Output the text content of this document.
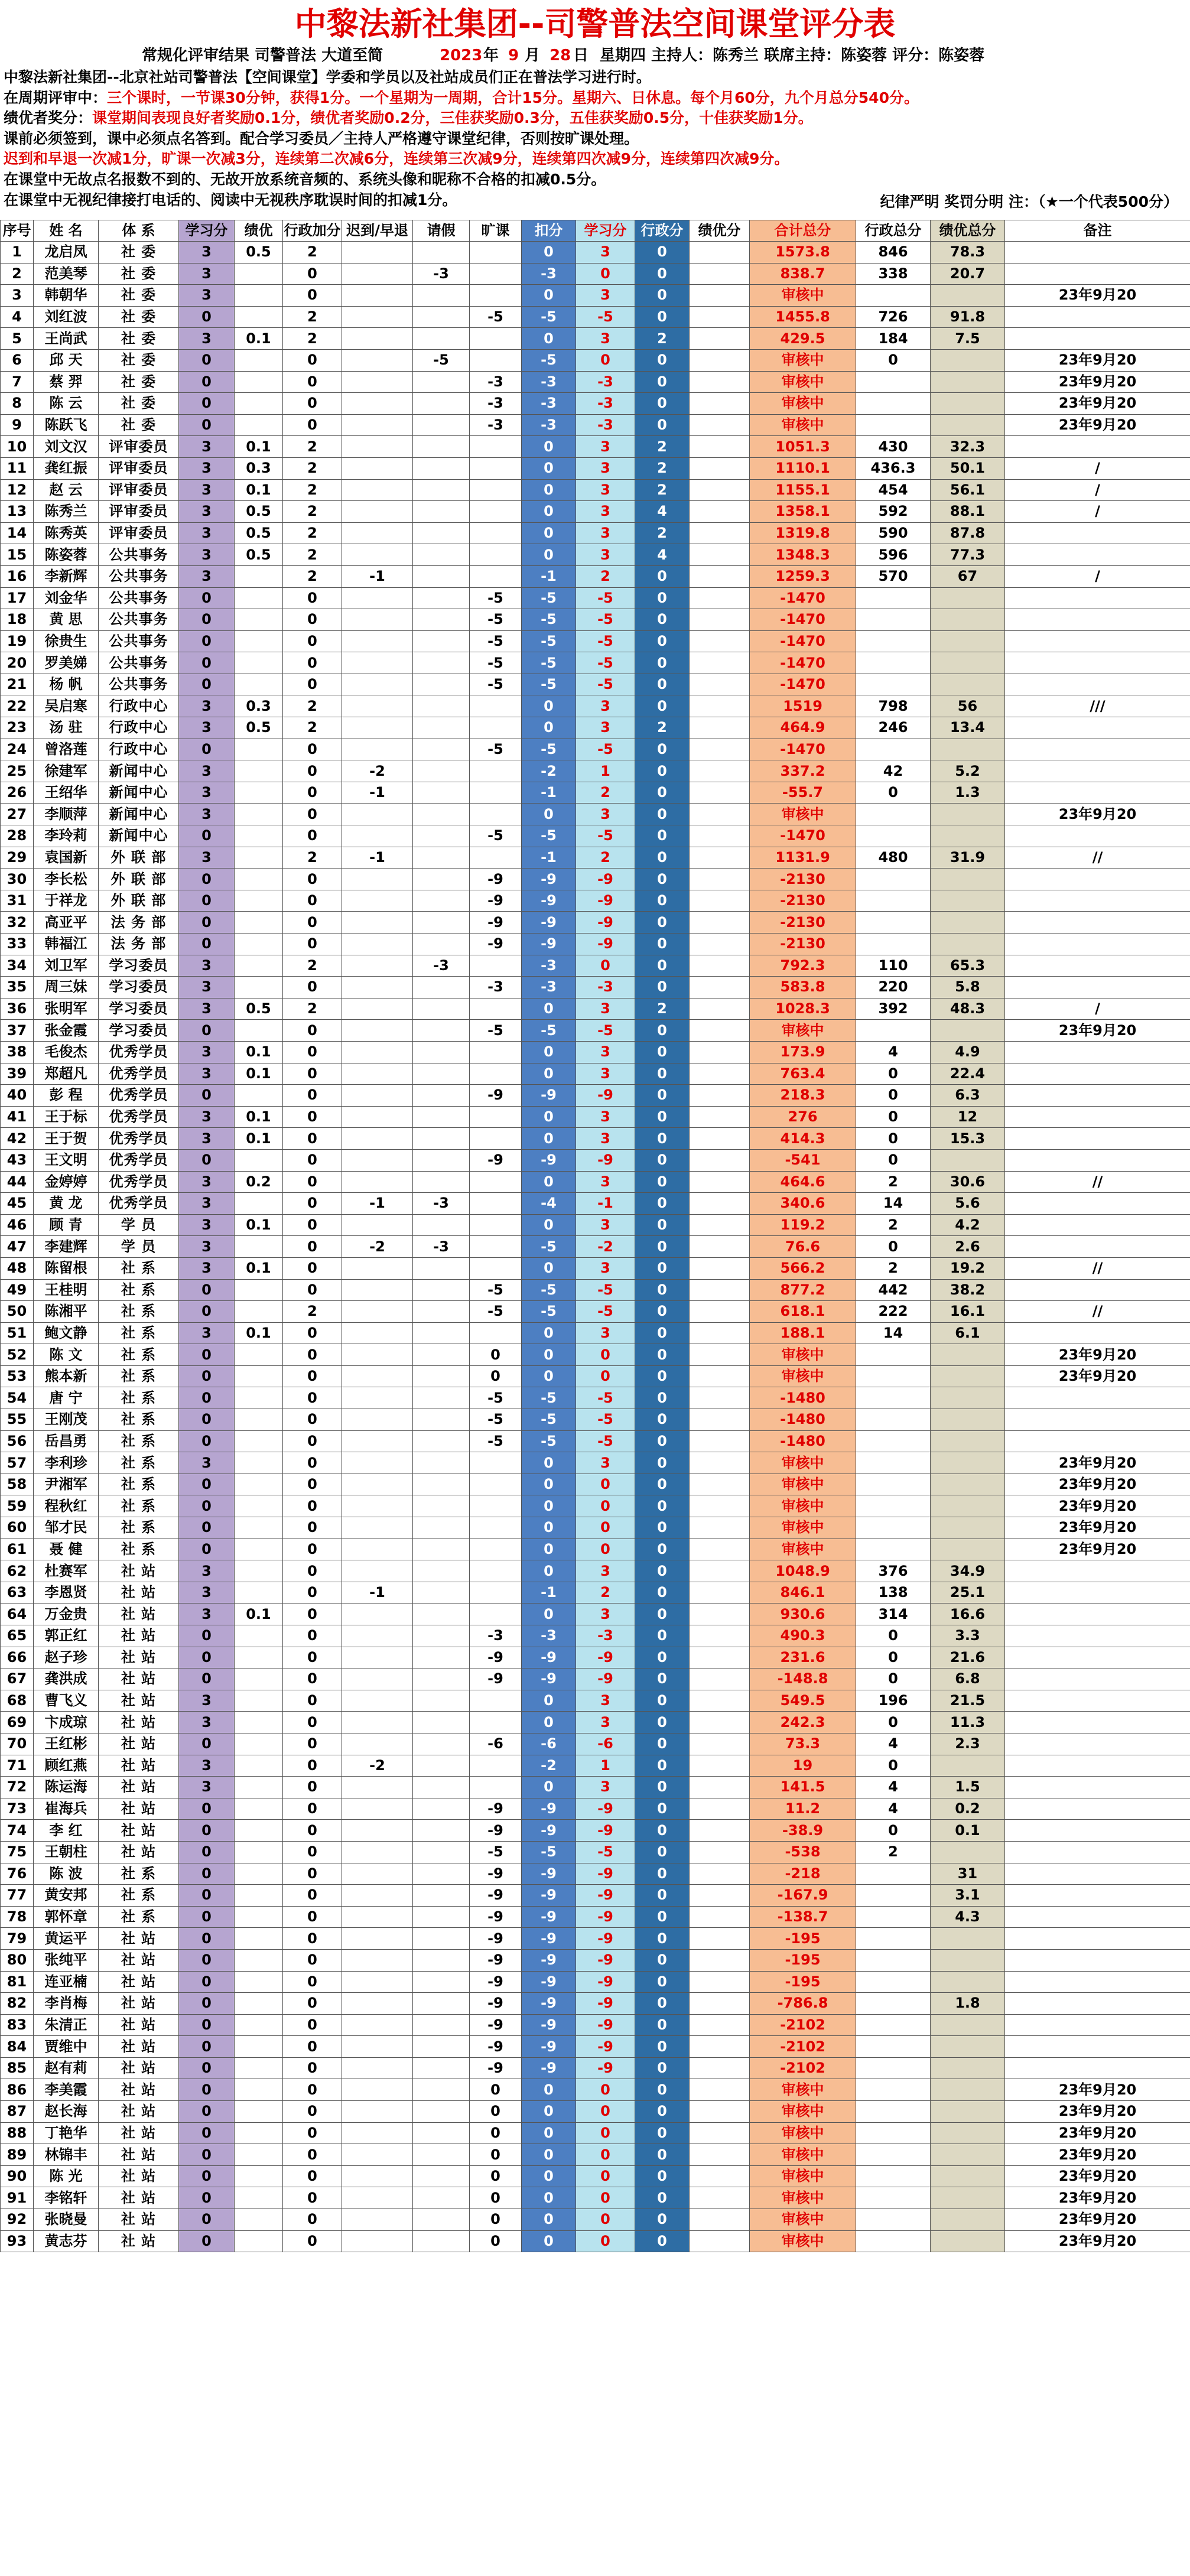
中黎法新社集团--司警普法空间课堂评分表
常规化评审结果 司警普法 大道至简	2023 年 9 月 28 日 星期四 主持人：陈秀兰 联席主持：陈姿蓉 评分：陈姿蓉
中黎法新社集团--北京社站司警普法【空间课堂】学委和学员以及社站成员们正在普法学习进行时。
在周期评审中：三个课时，一节课30分钟，获得1分。一个星期为一周期，合计15分。星期六、日休息。每个月60分，九个月总分540分。
绩优者奖分：课堂期间表现良好者奖励0.1分，绩优者奖励0.2分，三佳获奖励0.3分，五佳获奖励0.5分，十佳获奖励1分。
课前必须签到，课中必须点名答到。配合学习委员／主持人严格遵守课堂纪律，否则按旷课处理。
迟到和早退一次减1分，旷课一次减3分，连续第二次减6分，连续第三次减9分，连续第四次减9分，连续第四次减9分。
在课堂中无故点名报数不到的、无故开放系统音频的、系统头像和昵称不合格的扣减0.5分。
在课堂中无视纪律接打电话的、阅读中无视秩序耽误时间的扣减1分。	纪律严明 奖罚分明 注：（★一个代表500分）
序号	姓 名	体 系	学习分	绩优	行政加分	迟到/早退	请假	旷课	扣分	学习分	行政分	绩优分	合计总分	行政总分	绩优总分	备注
1	龙启凤	社 委	3	0.5	2				0	3	0		1573.8	846	78.3	
2	范美琴	社 委	3		0		-3		-3	0	0		838.7	338	20.7	
3	韩朝华	社 委	3		0				0	3	0		审核中			23年9月20
4	刘红波	社 委	0		2			-5	-5	-5	0		1455.8	726	91.8	
5	王尚武	社 委	3	0.1	2				0	3	2		429.5	184	7.5	
6	邱 天	社 委	0		0		-5		-5	0	0		审核中	0		23年9月20
7	蔡 羿	社 委	0		0			-3	-3	-3	0		审核中			23年9月20
8	陈 云	社 委	0		0			-3	-3	-3	0		审核中			23年9月20
9	陈跃飞	社 委	0		0			-3	-3	-3	0		审核中			23年9月20
10	刘文汉	评审委员	3	0.1	2				0	3	2		1051.3	430	32.3	
11	龚红振	评审委员	3	0.3	2				0	3	2		1110.1	436.3	50.1	/
12	赵 云	评审委员	3	0.1	2				0	3	2		1155.1	454	56.1	/
13	陈秀兰	评审委员	3	0.5	2				0	3	4		1358.1	592	88.1	/
14	陈秀英	评审委员	3	0.5	2				0	3	2		1319.8	590	87.8	
15	陈姿蓉	公共事务	3	0.5	2				0	3	4		1348.3	596	77.3	
16	李新辉	公共事务	3		2	-1			-1	2	0		1259.3	570	67	/
17	刘金华	公共事务	0		0			-5	-5	-5	0		-1470			
18	黄 思	公共事务	0		0			-5	-5	-5	0		-1470			
19	徐贵生	公共事务	0		0			-5	-5	-5	0		-1470			
20	罗美娣	公共事务	0		0			-5	-5	-5	0		-1470			
21	杨 帆	公共事务	0		0			-5	-5	-5	0		-1470			
22	吴启寒	行政中心	3	0.3	2				0	3	0		1519	798	56	///
23	汤 驻	行政中心	3	0.5	2				0	3	2		464.9	246	13.4	
24	曾洛莲	行政中心	0		0			-5	-5	-5	0		-1470			
25	徐建军	新闻中心	3		0	-2			-2	1	0		337.2	42	5.2	
26	王绍华	新闻中心	3		0	-1			-1	2	0		-55.7	0	1.3	
27	李顺萍	新闻中心	3		0				0	3	0		审核中			23年9月20
28	李玲莉	新闻中心	0		0			-5	-5	-5	0		-1470			
29	袁国新	外 联 部	3		2	-1			-1	2	0		1131.9	480	31.9	//
30	李长松	外 联 部	0		0			-9	-9	-9	0		-2130			
31	于祥龙	外 联 部	0		0			-9	-9	-9	0		-2130			
32	高亚平	法 务 部	0		0			-9	-9	-9	0		-2130			
33	韩福江	法 务 部	0		0			-9	-9	-9	0		-2130			
34	刘卫军	学习委员	3		2		-3		-3	0	0		792.3	110	65.3	
35	周三妹	学习委员	3		0			-3	-3	-3	0		583.8	220	5.8	
36	张明军	学习委员	3	0.5	2				0	3	2		1028.3	392	48.3	/
37	张金霞	学习委员	0		0			-5	-5	-5	0		审核中			23年9月20
38	毛俊杰	优秀学员	3	0.1	0				0	3	0		173.9	4	4.9	
39	郑超凡	优秀学员	3	0.1	0				0	3	0		763.4	0	22.4	
40	彭 程	优秀学员	0		0			-9	-9	-9	0		218.3	0	6.3	
41	王于标	优秀学员	3	0.1	0				0	3	0		276	0	12	
42	王于贺	优秀学员	3	0.1	0				0	3	0		414.3	0	15.3	
43	王文明	优秀学员	0		0			-9	-9	-9	0		-541	0		
44	金婷婷	优秀学员	3	0.2	0				0	3	0		464.6	2	30.6	//
45	黄 龙	优秀学员	3		0	-1	-3		-4	-1	0		340.6	14	5.6	
46	顾 青	学 员	3	0.1	0				0	3	0		119.2	2	4.2	
47	李建辉	学 员	3		0	-2	-3		-5	-2	0		76.6	0	2.6	
48	陈留根	社 系	3	0.1	0				0	3	0		566.2	2	19.2	//
49	王桂明	社 系	0		0			-5	-5	-5	0		877.2	442	38.2	
50	陈湘平	社 系	0		2			-5	-5	-5	0		618.1	222	16.1	//
51	鲍文静	社 系	3	0.1	0				0	3	0		188.1	14	6.1	
52	陈 文	社 系	0		0			0	0	0	0		审核中			23年9月20
53	熊本新	社 系	0		0			0	0	0	0		审核中			23年9月20
54	唐 宁	社 系	0		0			-5	-5	-5	0		-1480			
55	王刚茂	社 系	0		0			-5	-5	-5	0		-1480			
56	岳昌勇	社 系	0		0			-5	-5	-5	0		-1480			
57	李利珍	社 系	3		0				0	3	0		审核中			23年9月20
58	尹湘军	社 系	0		0				0	0	0		审核中			23年9月20
59	程秋红	社 系	0		0				0	0	0		审核中			23年9月20
60	邹才民	社 系	0		0				0	0	0		审核中			23年9月20
61	聂 健	社 系	0		0				0	0	0		审核中			23年9月20
62	杜赛军	社 站	3		0				0	3	0		1048.9	376	34.9	
63	李恩贤	社 站	3		0	-1			-1	2	0		846.1	138	25.1	
64	万金贵	社 站	3	0.1	0				0	3	0		930.6	314	16.6	
65	郭正红	社 站	0		0			-3	-3	-3	0		490.3	0	3.3	
66	赵子珍	社 站	0		0			-9	-9	-9	0		231.6	0	21.6	
67	龚洪成	社 站	0		0			-9	-9	-9	0		-148.8	0	6.8	
68	曹飞义	社 站	3		0				0	3	0		549.5	196	21.5	
69	卞成琼	社 站	3		0				0	3	0		242.3	0	11.3	
70	王红彬	社 站	0		0			-6	-6	-6	0		73.3	4	2.3	
71	顾红燕	社 站	3		0	-2			-2	1	0		19	0		
72	陈运海	社 站	3		0				0	3	0		141.5	4	1.5	
73	崔海兵	社 站	0		0			-9	-9	-9	0		11.2	4	0.2	
74	李 红	社 站	0		0			-9	-9	-9	0		-38.9	0	0.1	
75	王朝柱	社 站	0		0			-5	-5	-5	0		-538	2		
76	陈 波	社 系	0		0			-9	-9	-9	0		-218		31	
77	黄安邦	社 系	0		0			-9	-9	-9	0		-167.9		3.1	
78	郭怀章	社 系	0		0			-9	-9	-9	0		-138.7		4.3	
79	黄运平	社 站	0		0			-9	-9	-9	0		-195			
80	张纯平	社 站	0		0			-9	-9	-9	0		-195			
81	连亚楠	社 站	0		0			-9	-9	-9	0		-195			
82	李肖梅	社 站	0		0			-9	-9	-9	0		-786.8		1.8	
83	朱清正	社 站	0		0			-9	-9	-9	0		-2102			
84	贾维中	社 站	0		0			-9	-9	-9	0		-2102			
85	赵有莉	社 站	0		0			-9	-9	-9	0		-2102			
86	李美霞	社 站	0		0			0	0	0	0		审核中			23年9月20
87	赵长海	社 站	0		0			0	0	0	0		审核中			23年9月20
88	丁艳华	社 站	0		0			0	0	0	0		审核中			23年9月20
89	林锦丰	社 站	0		0			0	0	0	0		审核中			23年9月20
90	陈 光	社 站	0		0			0	0	0	0		审核中			23年9月20
91	李铭轩	社 站	0		0			0	0	0	0		审核中			23年9月20
92	张晓曼	社 站	0		0			0	0	0	0		审核中			23年9月20
93	黄志芬	社 站	0		0			0	0	0	0		审核中			23年9月20
